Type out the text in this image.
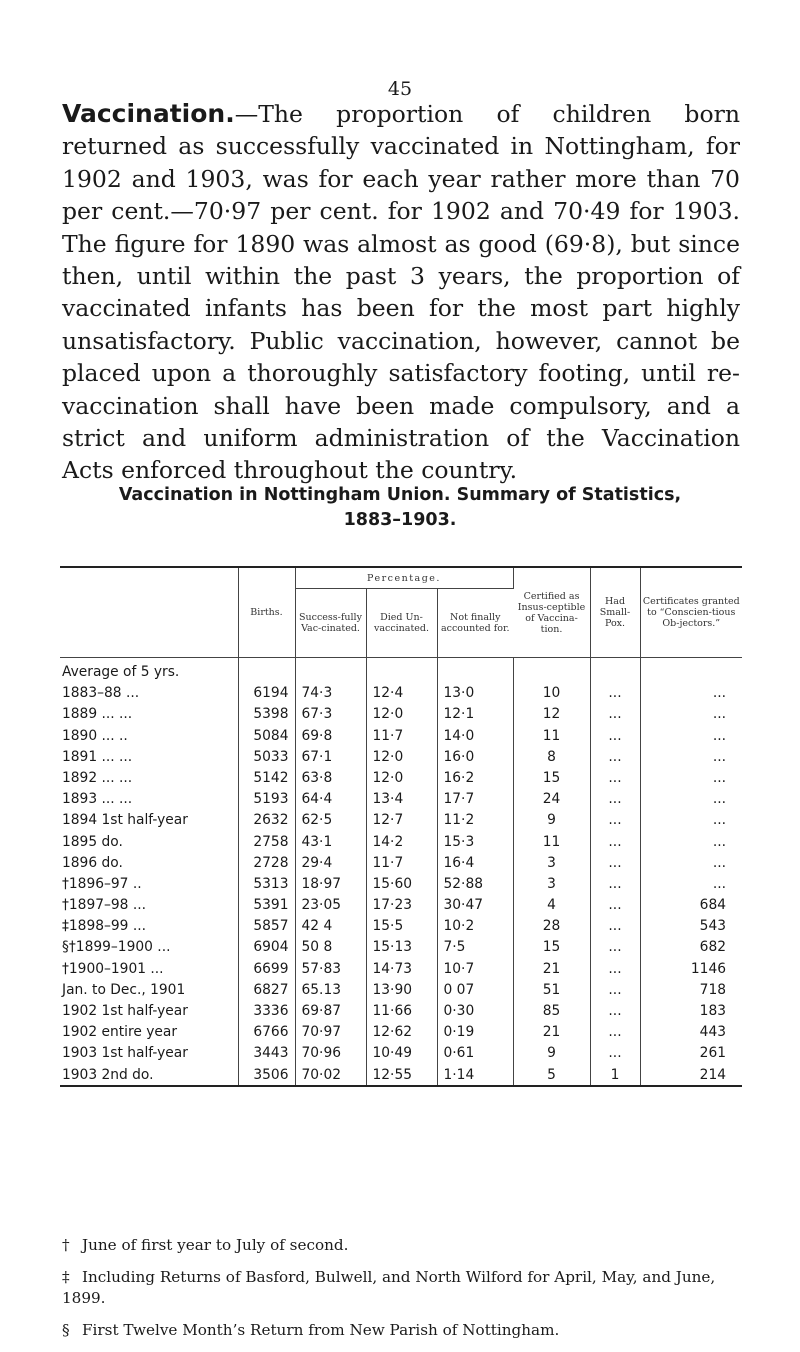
45

Vaccination.—The proportion of children born returned as successfully vaccinated in Nottingham, for 1902 and 1903, was for each year rather more than 70 per cent.—70·97 per cent. for 1902 and 70·49 for 1903. The figure for 1890 was almost as good (69·8), but since then, until within the past 3 years, the proportion of vaccinated infants has been for the most part highly unsatisfactory. Public vaccination, however, cannot be placed upon a thoroughly satisfactory footing, until re-vaccination shall have been made compulsory, and a strict and uniform administration of the Vaccination Acts enforced throughout the country.

Vaccination in Nottingham Union. Summary of Statistics,
1883–1903.
	Births.	Percentage.			Certified as Insus-ceptible of Vaccina-tion.	Had Small-Pox.	Certificates granted to “Conscien-tious Ob-jectors.”
		Success-fully Vac-cinated.	Died Un-vaccinated.	Not finally accounted for.			
Average of 5 yrs.							
1883–88 ...	6194	74·3	12·4	13·0	10	...	...
1889 ... ...	5398	67·3	12·0	12·1	12	...	...
1890 ... ..	5084	69·8	11·7	14·0	11	...	...
1891 ... ...	5033	67·1	12·0	16·0	8	...	...
1892 ... ...	5142	63·8	12·0	16·2	15	...	...
1893 ... ...	5193	64·4	13·4	17·7	24	...	...
1894 1st half-year	2632	62·5	12·7	11·2	9	...	...
1895 do.	2758	43·1	14·2	15·3	11	...	...
1896 do.	2728	29·4	11·7	16·4	3	...	...
†1896–97 ..	5313	18·97	15·60	52·88	3	...	...
†1897–98 ...	5391	23·05	17·23	30·47	4	...	684
‡1898–99 ...	5857	42 4	15·5	10·2	28	...	543
§†1899–1900 ...	6904	50 8	15·13	7·5	15	...	682
†1900–1901 ...	6699	57·83	14·73	10·7	21	...	1146
Jan. to Dec., 1901	6827	65.13	13·90	0 07	51	...	718
1902 1st half-year	3336	69·87	11·66	0·30	85	...	183
1902 entire year	6766	70·97	12·62	0·19	21	...	443
1903 1st half-year	3443	70·96	10·49	0·61	9	...	261
1903 2nd do.	3506	70·02	12·55	1·14	5	1	214

† June of first year to July of second.

‡ Including Returns of Basford, Bulwell, and North Wilford for April, May, and June, 1899.

§ First Twelve Month’s Return from New Parish of Nottingham.
